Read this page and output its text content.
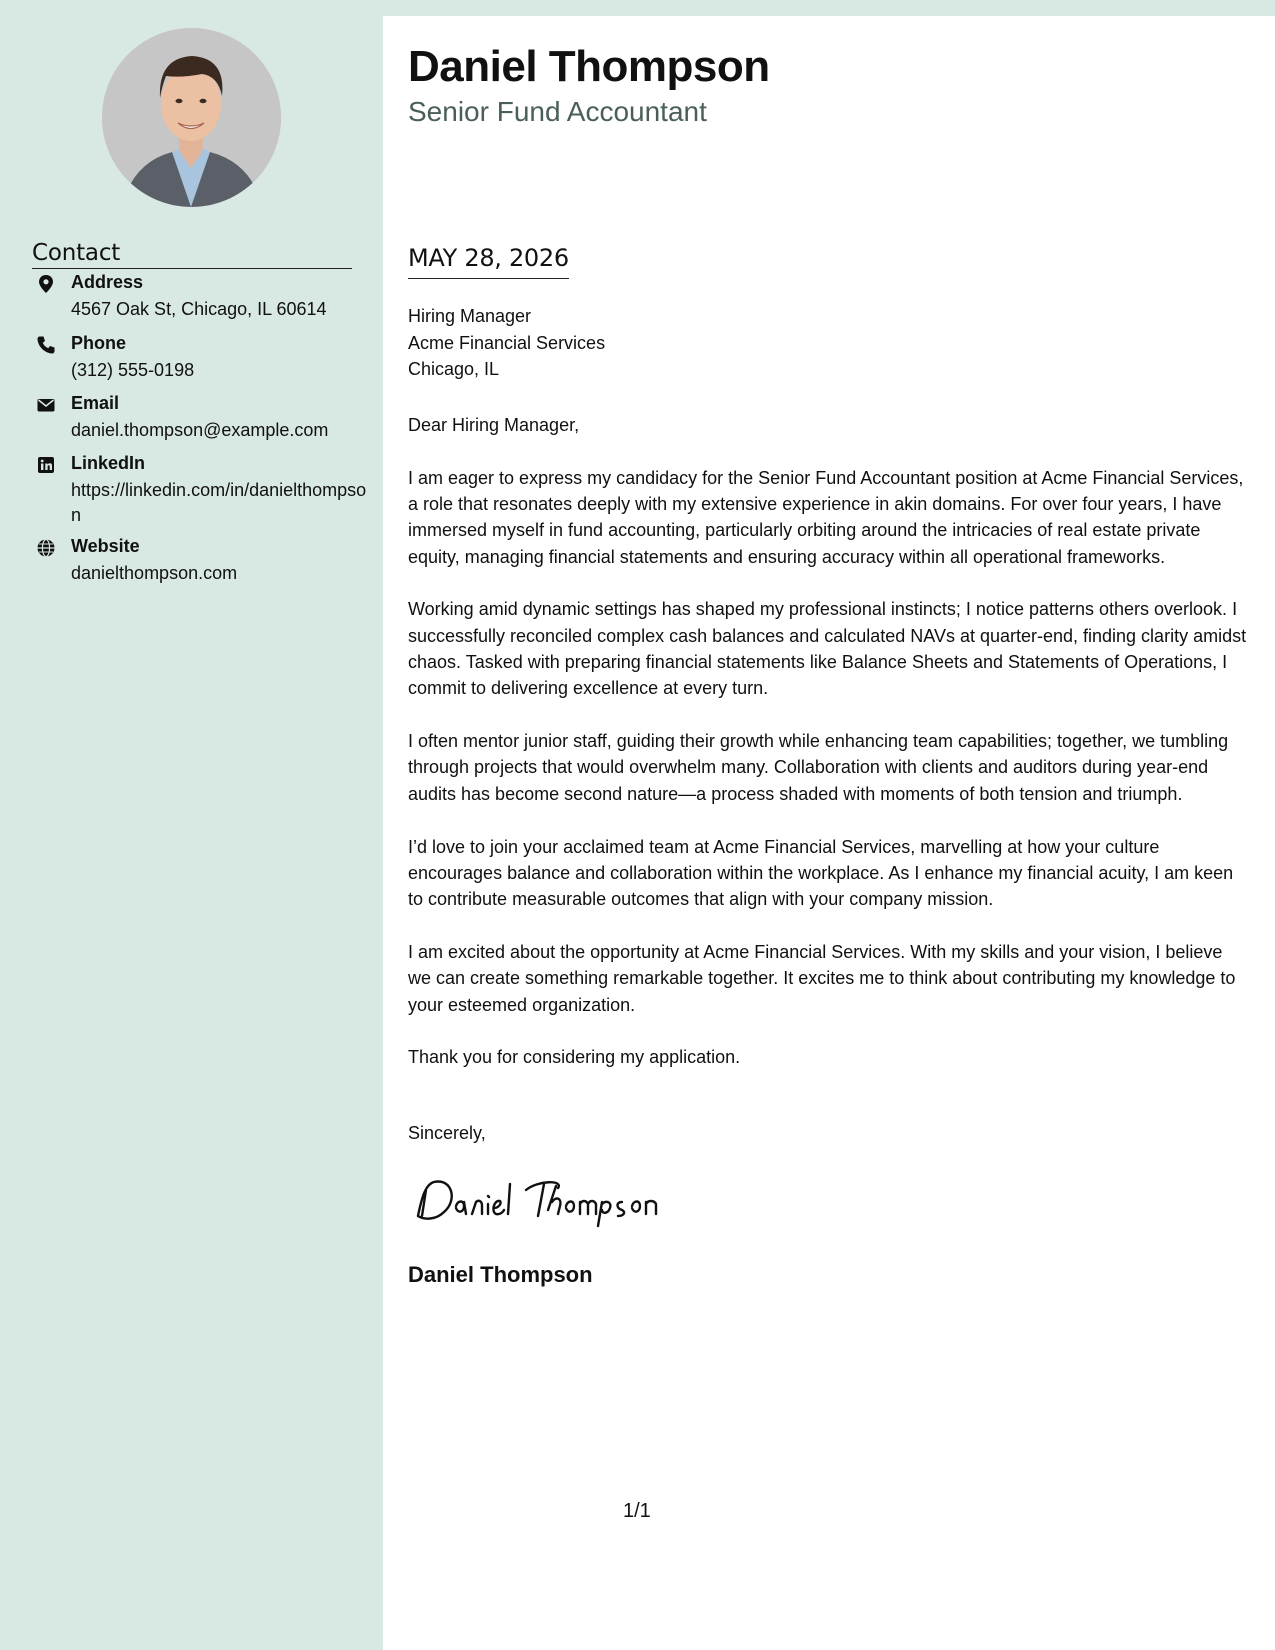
Contact
Address
4567 Oak St, Chicago, IL 60614
Phone
(312) 555-0198
Email
daniel.thompson@example.com
LinkedIn
https://linkedin.com/in/danielthompson
Website
danielthompson.com
Daniel Thompson
Senior Fund Accountant
MAY 28, 2026
Hiring Manager
Acme Financial Services
Chicago, IL

Dear Hiring Manager,

I am eager to express my candidacy for the Senior Fund Accountant position at Acme Financial Services, a role that resonates deeply with my extensive experience in akin domains. For over four years, I have immersed myself in fund accounting, particularly orbiting around the intricacies of real estate private equity, managing financial statements and ensuring accuracy within all operational frameworks.

Working amid dynamic settings has shaped my professional instincts; I notice patterns others overlook. I successfully reconciled complex cash balances and calculated NAVs at quarter-end, finding clarity amidst chaos. Tasked with preparing financial statements like Balance Sheets and Statements of Operations, I commit to delivering excellence at every turn.

I often mentor junior staff, guiding their growth while enhancing team capabilities; together, we tumbling through projects that would overwhelm many. Collaboration with clients and auditors during year-end audits has become second nature—a process shaded with moments of both tension and triumph.

I’d love to join your acclaimed team at Acme Financial Services, marvelling at how your culture encourages balance and collaboration within the workplace. As I enhance my financial acuity, I am keen to contribute measurable outcomes that align with your company mission.

I am excited about the opportunity at Acme Financial Services. With my skills and your vision, I believe we can create something remarkable together. It excites me to think about contributing my knowledge to your esteemed organization.

Thank you for considering my application.

Sincerely,
Daniel Thompson
1/1
